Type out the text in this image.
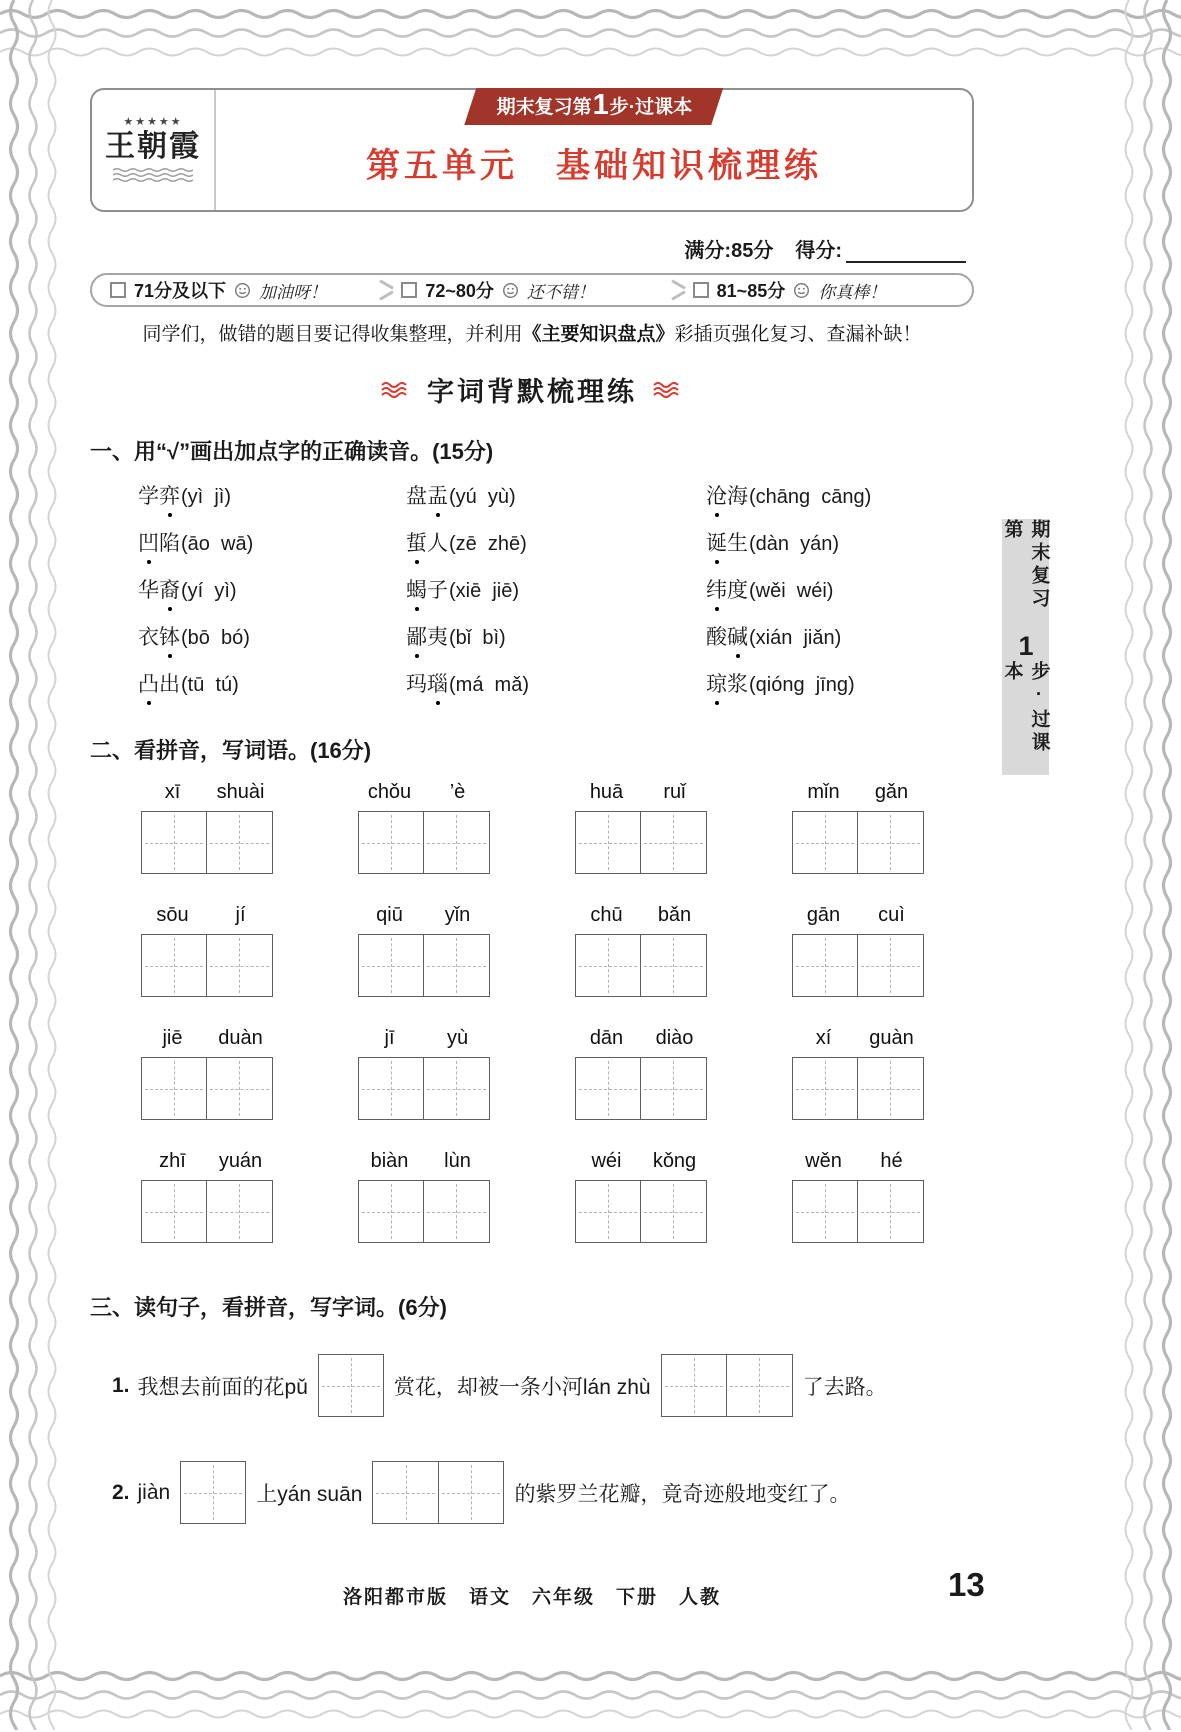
★★★★★
王朝霞
期末复习第 1 步·过课本
第五单元　基础知识梳理练
满分:85分 得分:
71分及以下 加油呀！	72~80分 还不错！	81~85分 你真棒！
同学们，做错的题目要记得收集整理，并利用《主要知识盘点》彩插页强化复习、查漏补缺！
字词背默梳理练
一、用“√”画出加点字的正确读音。(15分)
学弈 (yì  jì)	盘盂 (yú  yù)	沧海 (chāng  cāng)
凹陷 (āo  wā)	蜇人 (zē  zhē)	诞生 (dàn  yán)
华裔 (yí  yì)	蝎子 (xiē  jiē)	纬度 (wěi  wéi)
衣钵 (bō  bó)	鄙夷 (bǐ  bì)	酸碱 (xián  jiǎn)
凸出 (tū  tú)	玛瑙 (má  mǎ)	琼浆 (qióng  jīng)
二、看拼音，写词语。(16分)
xī	shuài	chǒu	’è	huā	ruǐ	mǐn	gǎn
sōu	jí	qiū	yǐn	chū	bǎn	gān	cuì
jiē	duàn	jī	yù	dān	diào	xí	guàn
zhī	yuán	biàn	lùn	wéi	kǒng	wěn	hé
三、读句子，看拼音，写字词。(6分)
1. 我想去前面的花pǔ	赏花，却被一条小河lán zhù	了去路。
2. jiàn	上yán suān	的紫罗兰花瓣，竟奇迹般地变红了。
期末复习第
1
步·过课本
洛阳都市版　语文　六年级　下册　人教	13
